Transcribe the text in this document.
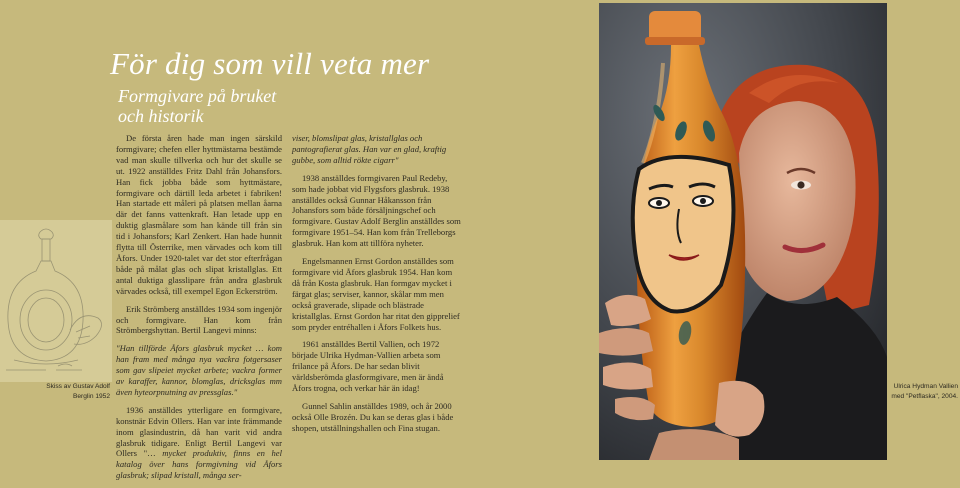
För dig som vill veta mer
Formgivare på bruket
och historik
Skiss av Gustav Adolf
Berglin 1952

De första åren hade man ingen särskild formgivare; chefen eller hyttmästarna bestämde vad man skulle tillverka och hur det skulle se ut. 1922 anställdes Fritz Dahl från Johansfors. Han fick jobba både som hyttmästare, formgivare och därtill leda arbetet i fabriken! Han startade ett måleri på platsen mellan åarna där det fanns vattenkraft. Han letade upp en duktig glasmålare som han kände till från sin tid i Johansfors; Karl Zenkert. Han hade hunnit flytta till Österrike, men värvades och kom till Åfors. Under 1920-talet var det stor efterfrågan både på målat glas och slipat kristallglas. Ett antal duktiga glasslipare från andra glasbruk värvades också, till exempel Egon Eckerström.

Erik Strömberg anställdes 1934 som ingenjör och formgivare. Han kom från Strömbergshyttan. Bertil Langevi minns:

"Han tillförde Åfors glasbruk mycket … kom han fram med många nya vackra fotgersaser som gav slipeiet mycket arbete; vackra former av karaffer, kannor, blomglas, dricksglas mm även hyteorpnutning av pressglas."

1936 anställdes ytterligare en formgivare, konstnär Edvin Ollers. Han var inte främmande inom glasindustrin, då han varit vid andra glasbruk tidigare. Enligt Bertil Langevi var Ollers "… mycket produktiv, finns en hel katalog över hans formgivning vid Åfors glasbruk; slipad kristall, många ser-

viser, blomslipat glas, kristallglas och pantografierat glas. Han var en glad, kraftig gubbe, som alltid rökte cigarr"

1938 anställdes formgivaren Paul Redeby, som hade jobbat vid Flygsfors glasbruk. 1938 anställdes också Gunnar Håkansson från Johansfors som både försäljningschef och formgivare. Gustav Adolf Berglin anställdes som formgivare 1951–54. Han kom från Trelleborgs glasbruk. Han kom att tillföra nyheter.

Engelsmannen Ernst Gordon anställdes som formgivare vid Åfors glasbruk 1954. Han kom då från Kosta glasbruk. Han formgav mycket i färgat glas; serviser, kannor, skålar mm men också graverade, slipade och blästrade kristallglas. Ernst Gordon har ritat den gipprelief som pryder entréhallen i Åfors Folkets hus.

1961 anställdes Bertil Vallien, och 1972 började Ulrika Hydman-Vallien arbeta som frilance på Åfors. De har sedan blivit världsberömda glasformgivare, men är ändå Åfors trogna, och verkar här än idag!

Gunnel Sahlin anställdes 1989, och år 2000 också Olle Brozén. Du kan se deras glas i både shopen, utställningshallen och Fina stugan.

Ulrica Hydman Vallien
med "Petflaska", 2004.
